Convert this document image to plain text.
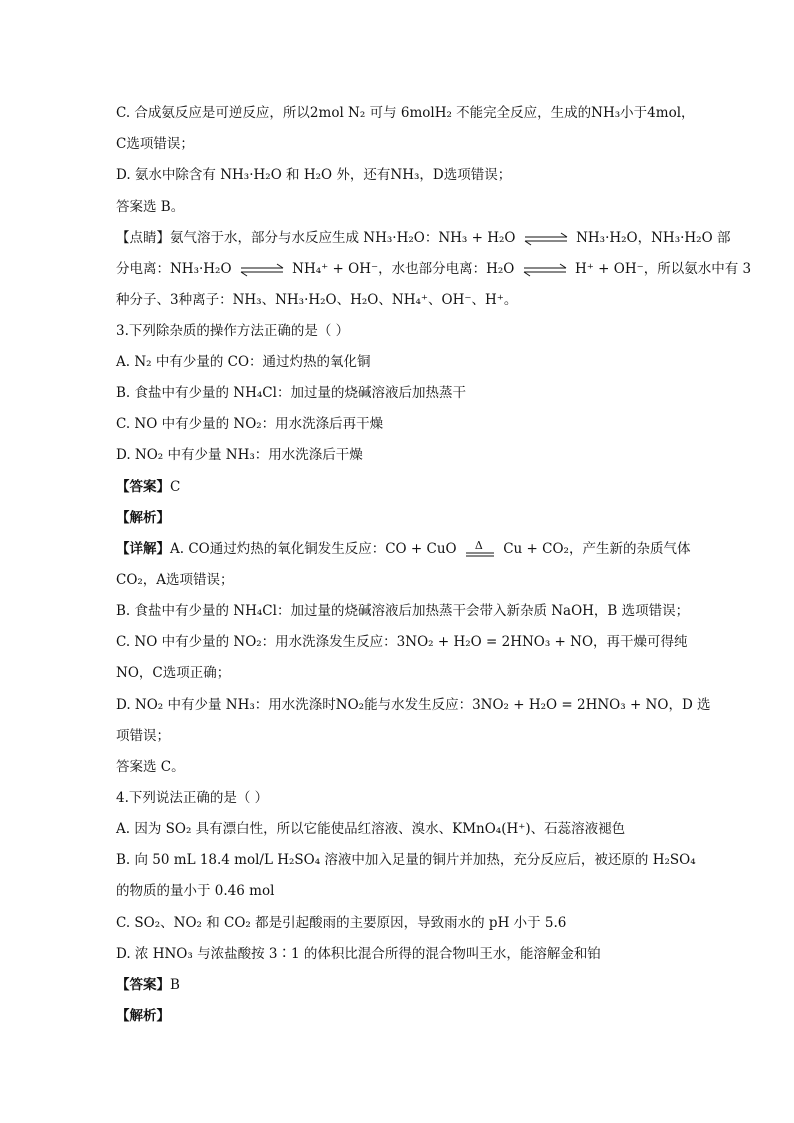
C. 合成氨反应是可逆反应，所以2mol N₂ 可与 6molH₂ 不能完全反应，生成的NH₃小于4mol，
C选项错误；
D. 氨水中除含有 NH₃·H₂O 和 H₂O 外，还有NH₃，D选项错误；
答案选 B。
【点睛】氨气溶于水，部分与水反应生成 NH₃·H₂O：NH₃ + H₂O ⇌ NH₃·H₂O，NH₃·H₂O 部
分电离：NH₃·H₂O ⇌ NH₄⁺ + OH⁻，水也部分电离：H₂O ⇌ H⁺ + OH⁻，所以氨水中有 3
种分子、3种离子：NH₃、NH₃·H₂O、H₂O、NH₄⁺、OH⁻、H⁺。
3.下列除杂质的操作方法正确的是（ ）
A. N₂ 中有少量的 CO：通过灼热的氧化铜
B. 食盐中有少量的 NH₄Cl：加过量的烧碱溶液后加热蒸干
C. NO 中有少量的 NO₂：用水洗涤后再干燥
D. NO₂ 中有少量 NH₃：用水洗涤后干燥
【答案】C
【解析】
【详解】A. CO通过灼热的氧化铜发生反应：CO + CuO Δ Cu + CO₂，产生新的杂质气体
CO₂，A选项错误；
B. 食盐中有少量的 NH₄Cl：加过量的烧碱溶液后加热蒸干会带入新杂质 NaOH，B 选项错误；
C. NO 中有少量的 NO₂：用水洗涤发生反应：3NO₂ + H₂O = 2HNO₃ + NO，再干燥可得纯
NO，C选项正确；
D. NO₂ 中有少量 NH₃：用水洗涤时NO₂能与水发生反应：3NO₂ + H₂O = 2HNO₃ + NO，D 选
项错误；
答案选 C。
4.下列说法正确的是（ ）
A. 因为 SO₂ 具有漂白性，所以它能使品红溶液、溴水、KMnO₄(H⁺)、石蕊溶液褪色
B. 向 50 mL 18.4 mol/L H₂SO₄ 溶液中加入足量的铜片并加热，充分反应后，被还原的 H₂SO₄
的物质的量小于 0.46 mol
C. SO₂、NO₂ 和 CO₂ 都是引起酸雨的主要原因，导致雨水的 pH 小于 5.6
D. 浓 HNO₃ 与浓盐酸按 3∶1 的体积比混合所得的混合物叫王水，能溶解金和铂
【答案】B
【解析】
